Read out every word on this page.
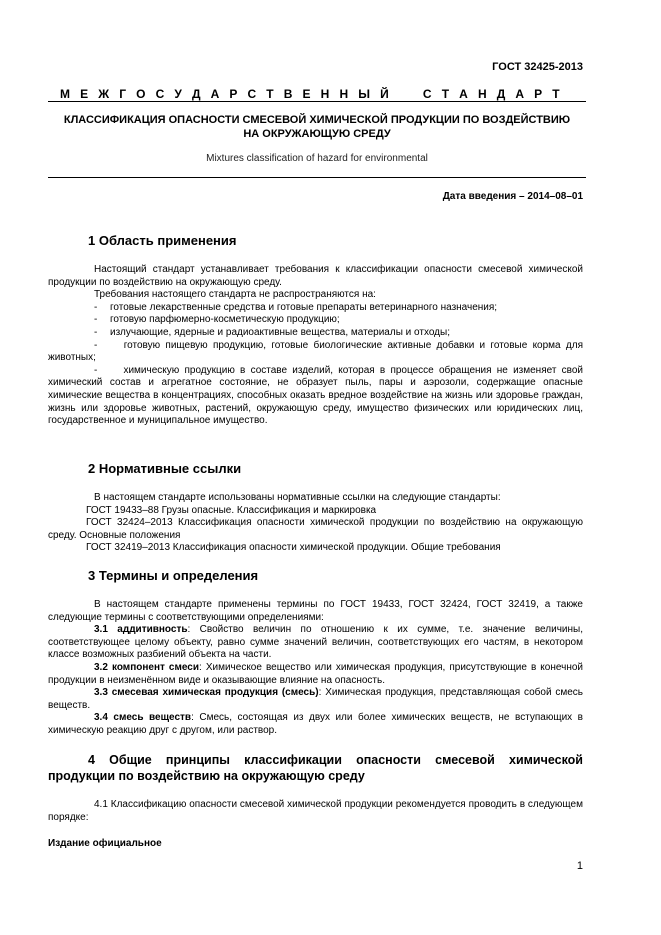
ГОСТ 32425-2013
М Е Ж Г О С У Д А Р С Т В Е Н Н Ы Й
	С Т А Н Д А Р Т
КЛАССИФИКАЦИЯ ОПАСНОСТИ СМЕСЕВОЙ ХИМИЧЕСКОЙ ПРОДУКЦИИ ПО ВОЗДЕЙСТВИЮ
НА ОКРУЖАЮЩУЮ СРЕДУ
Mixtures classification of hazard for environmental
Дата введения – 2014–08–01
1 Область применения

Настоящий стандарт устанавливает требования к классификации опасности смесевой химической продукции по воздействию на окружающую среду.

Требования настоящего стандарта не распространяются на:

- готовые лекарственные средства и готовые препараты ветеринарного назначения;

- готовую парфюмерно-косметическую продукцию;

- излучающие, ядерные и радиоактивные вещества, материалы и отходы;

-     готовую пищевую продукцию, готовые биологические активные добавки и готовые корма для животных;

-     химическую продукцию в составе изделий, которая в процессе обращения не изменяет свой химический состав и агрегатное состояние, не образует пыль, пары и аэрозоли, содержащие опасные химические вещества в концентрациях, способных оказать вредное воздействие на жизнь или здоровье граждан, жизнь или здоровье животных, растений, окружающую среду, имущество физических или юридических лиц, государственное и муниципальное имущество.

2 Нормативные ссылки

В настоящем стандарте использованы нормативные ссылки на следующие стандарты:

ГОСТ 19433–88 Грузы опасные. Классификация и маркировка

ГОСТ 32424–2013 Классификация опасности химической продукции по воздействию на окружающую среду. Основные положения

ГОСТ 32419–2013 Классификация опасности химической продукции. Общие требования

3 Термины и определения

В настоящем стандарте применены термины по ГОСТ 19433, ГОСТ 32424, ГОСТ 32419, а также следующие термины с соответствующими определениями:

3.1 аддитивность: Свойство величин по отношению к их сумме, т.е. значение величины, соответствующее целому объекту, равно сумме значений величин, соответствующих его частям, в некотором классе возможных разбиений объекта на части.

3.2 компонент смеси: Химическое вещество или химическая продукция, присутствующие в конечной продукции в неизменённом виде и оказывающие влияние на опасность.

3.3 смесевая химическая продукция (смесь): Химическая продукция, представляющая собой смесь веществ.

3.4 смесь веществ: Смесь, состоящая из двух или более химических веществ, не вступающих в химическую реакцию друг с другом, или раствор.

4 Общие принципы классификации опасности смесевой химической продукции по воздействию на окружающую среду

4.1 Классификацию опасности смесевой химической продукции рекомендуется проводить в следующем порядке:

Издание официальное
1
